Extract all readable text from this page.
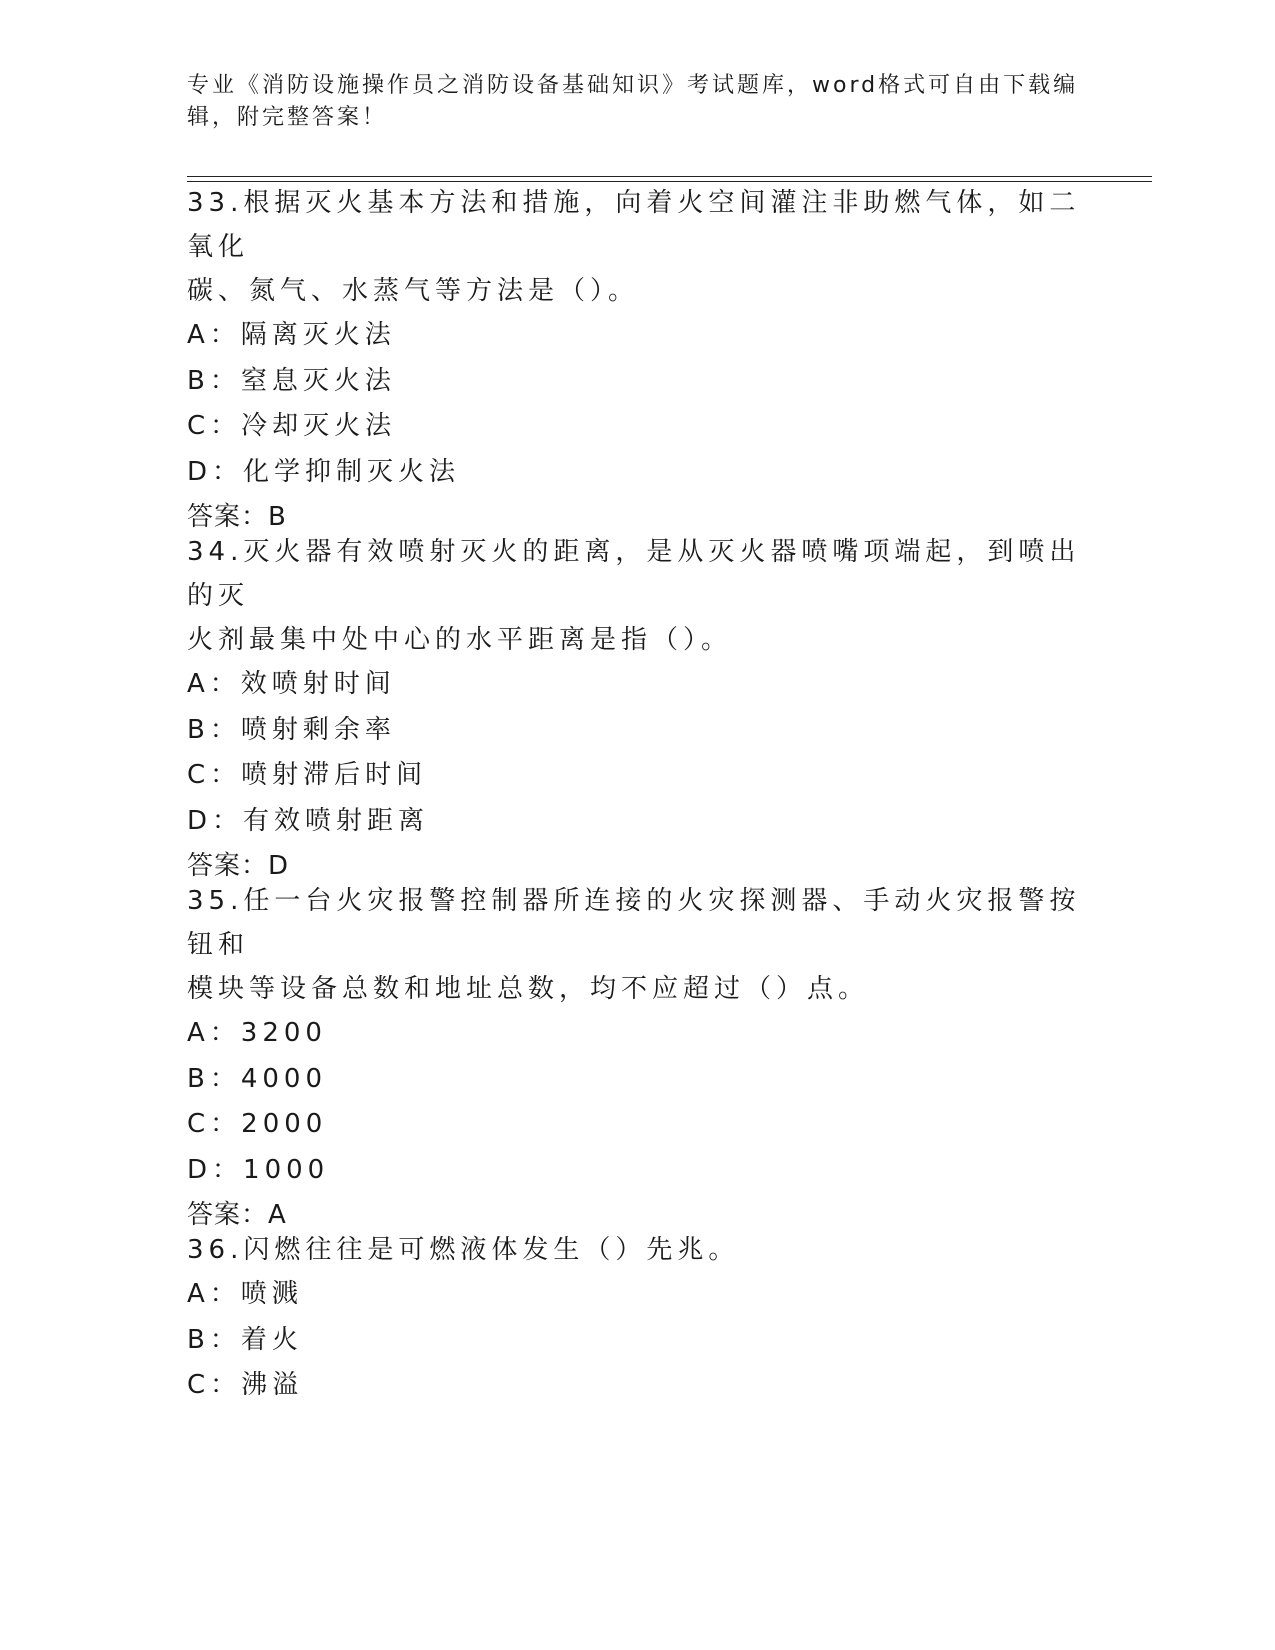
专业《消防设施操作员之消防设备基础知识》考试题库，word格式可自由下载编
辑，附完整答案！

33.根据灭火基本方法和措施，向着火空间灌注非助燃气体，如二氧化

碳、氮气、水蒸气等方法是（）。

A：隔离灭火法

B：窒息灭火法

C：冷却灭火法

D：化学抑制灭火法

答案：B

34.灭火器有效喷射灭火的距离，是从灭火器喷嘴项端起，到喷出的灭

火剂最集中处中心的水平距离是指（）。

A：效喷射时间

B：喷射剩余率

C：喷射滞后时间

D：有效喷射距离

答案：D

35.任一台火灾报警控制器所连接的火灾探测器、手动火灾报警按钮和

模块等设备总数和地址总数，均不应超过（）点。

A：3200

B：4000

C：2000

D：1000

答案：A

36.闪燃往往是可燃液体发生（）先兆。

A：喷溅

B：着火

C：沸溢
